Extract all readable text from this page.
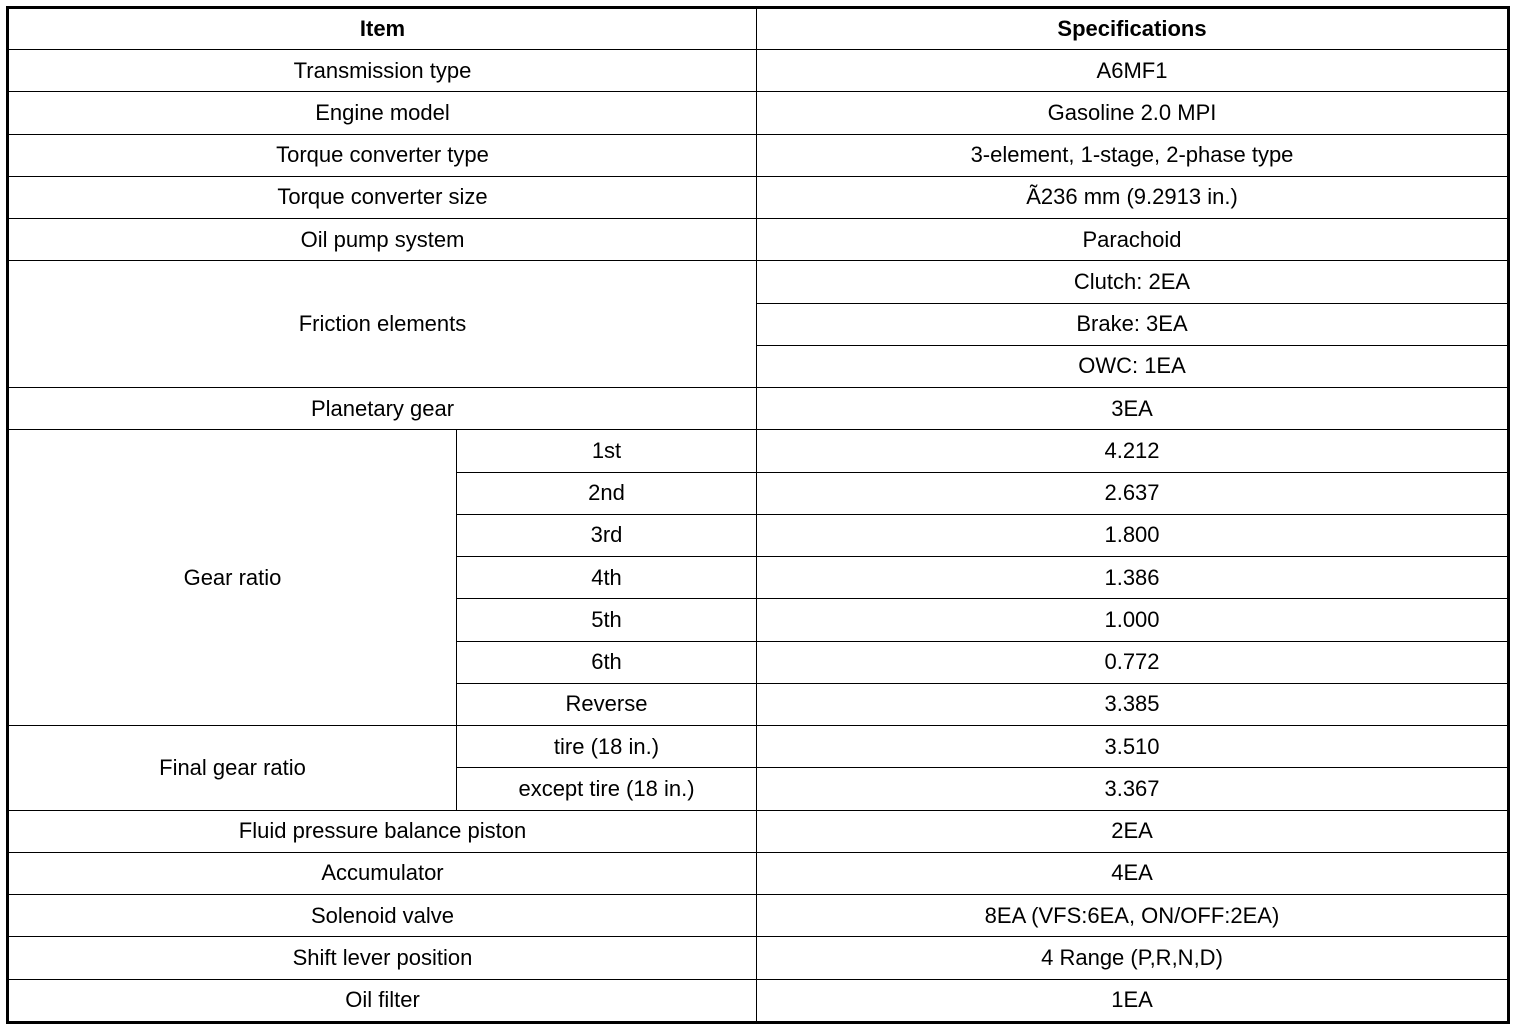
Item		Specifications
Transmission type		A6MF1
Engine model		Gasoline 2.0 MPI
Torque converter type		3-element, 1-stage, 2-phase type
Torque converter size		Ã236 mm (9.2913 in.)
Oil pump system		Parachoid
Friction elements		Clutch: 2EA
		Brake: 3EA
		OWC: 1EA
Planetary gear		3EA
Gear ratio	1st	4.212
	2nd	2.637
	3rd	1.800
	4th	1.386
	5th	1.000
	6th	0.772
	Reverse	3.385
Final gear ratio	tire (18 in.)	3.510
	except tire (18 in.)	3.367
Fluid pressure balance piston		2EA
Accumulator		4EA
Solenoid valve		8EA (VFS:6EA, ON/OFF:2EA)
Shift lever position		4 Range (P,R,N,D)
Oil filter		1EA
